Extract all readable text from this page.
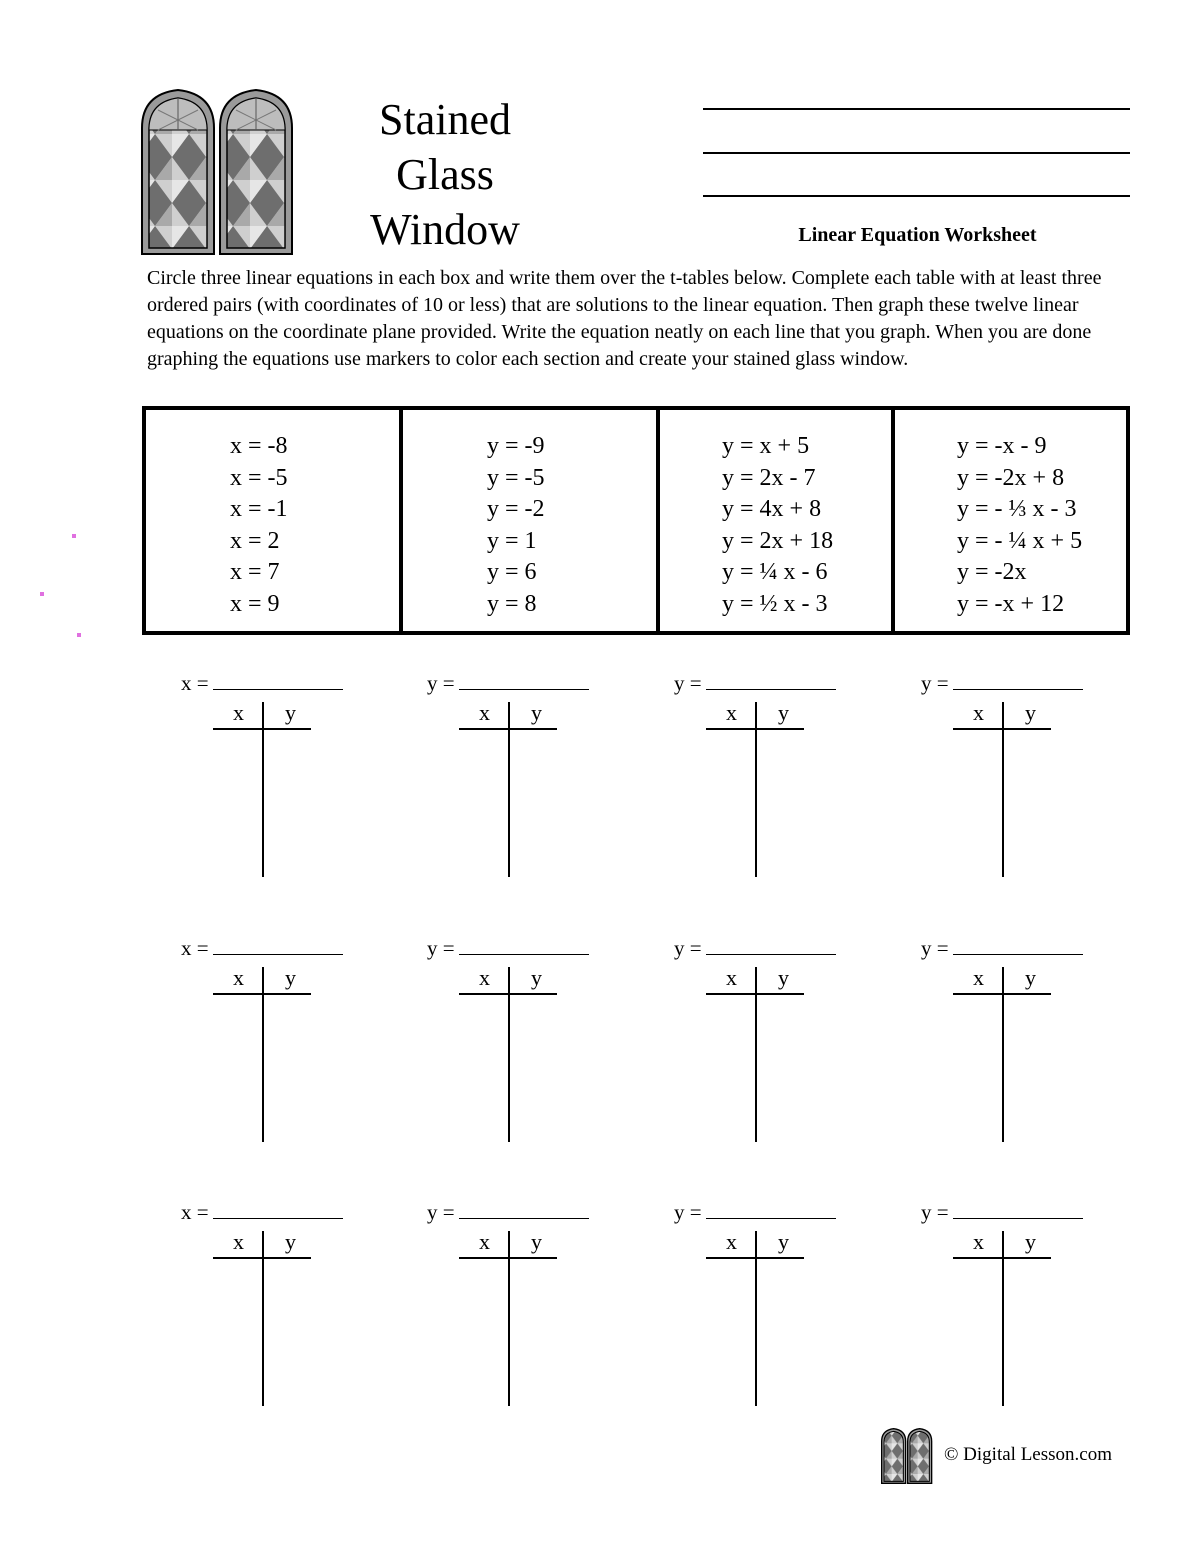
Stained
Glass
Window	Linear Equation Worksheet

Circle three linear equations in each box and write them over the t-tables below. Complete each table with at least three ordered pairs (with coordinates of 10 or less) that are solutions to the linear equation. Then graph these twelve linear equations on the coordinate plane provided. Write the equation neatly on each line that you graph. When you are done graphing the equations use markers to color each section and create your stained glass window.

x = -8
x = -5
x = -1
x = 2
x = 7
x = 9
y = -9
y = -5
y = -2
y = 1
y = 6
y = 8
y = x + 5
y = 2x - 7
y = 4x + 8
y = 2x + 18
y = ¼ x - 6
y = ½ x - 3
y = -x - 9
y = -2x + 8
y = - ⅓ x - 3
y = - ¼ x + 5
y = -2x
y = -x + 12
x =
x y
y =
x y
y =
x y
y =
x y
x =
x y
y =
x y
y =
x y
y =
x y
x =
x y
y =
x y
y =
x y
y =
x y
© Digital Lesson.com
